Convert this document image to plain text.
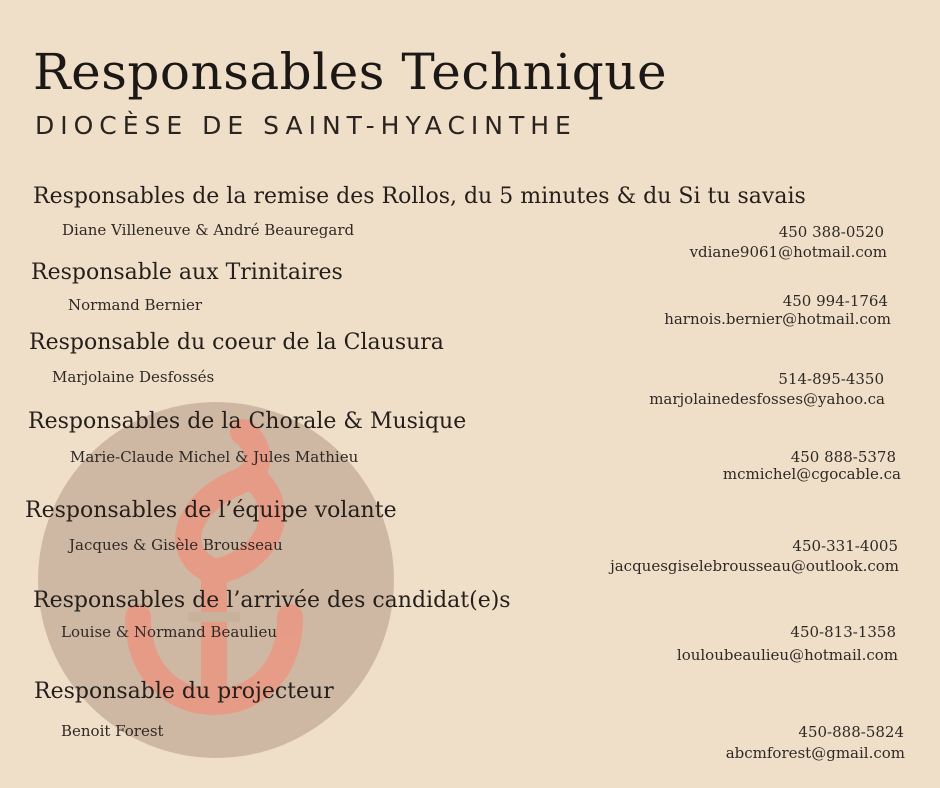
Responsables Technique
DIOCÈSE DE SAINT-HYACINTHE
Responsables de la remise des Rollos, du 5 minutes & du Si tu savais
Diane Villeneuve & André Beauregard	450 388-0520
vdiane9061@hotmail.com
Responsable aux Trinitaires
Normand Bernier	450 994-1764
harnois.bernier@hotmail.com
Responsable du coeur de la Clausura
Marjolaine Desfossés	514-895-4350
marjolainedesfosses@yahoo.ca
Responsables de la Chorale & Musique
Marie-Claude Michel & Jules Mathieu	450 888-5378
mcmichel@cgocable.ca
Responsables de l’équipe volante
Jacques & Gisèle Brousseau	450-331-4005
jacquesgiselebrousseau@outlook.com
Responsables de l’arrivée des candidat(e)s
Louise & Normand Beaulieu	450-813-1358
louloubeaulieu@hotmail.com
Responsable du projecteur
Benoit Forest	450-888-5824
abcmforest@gmail.com
